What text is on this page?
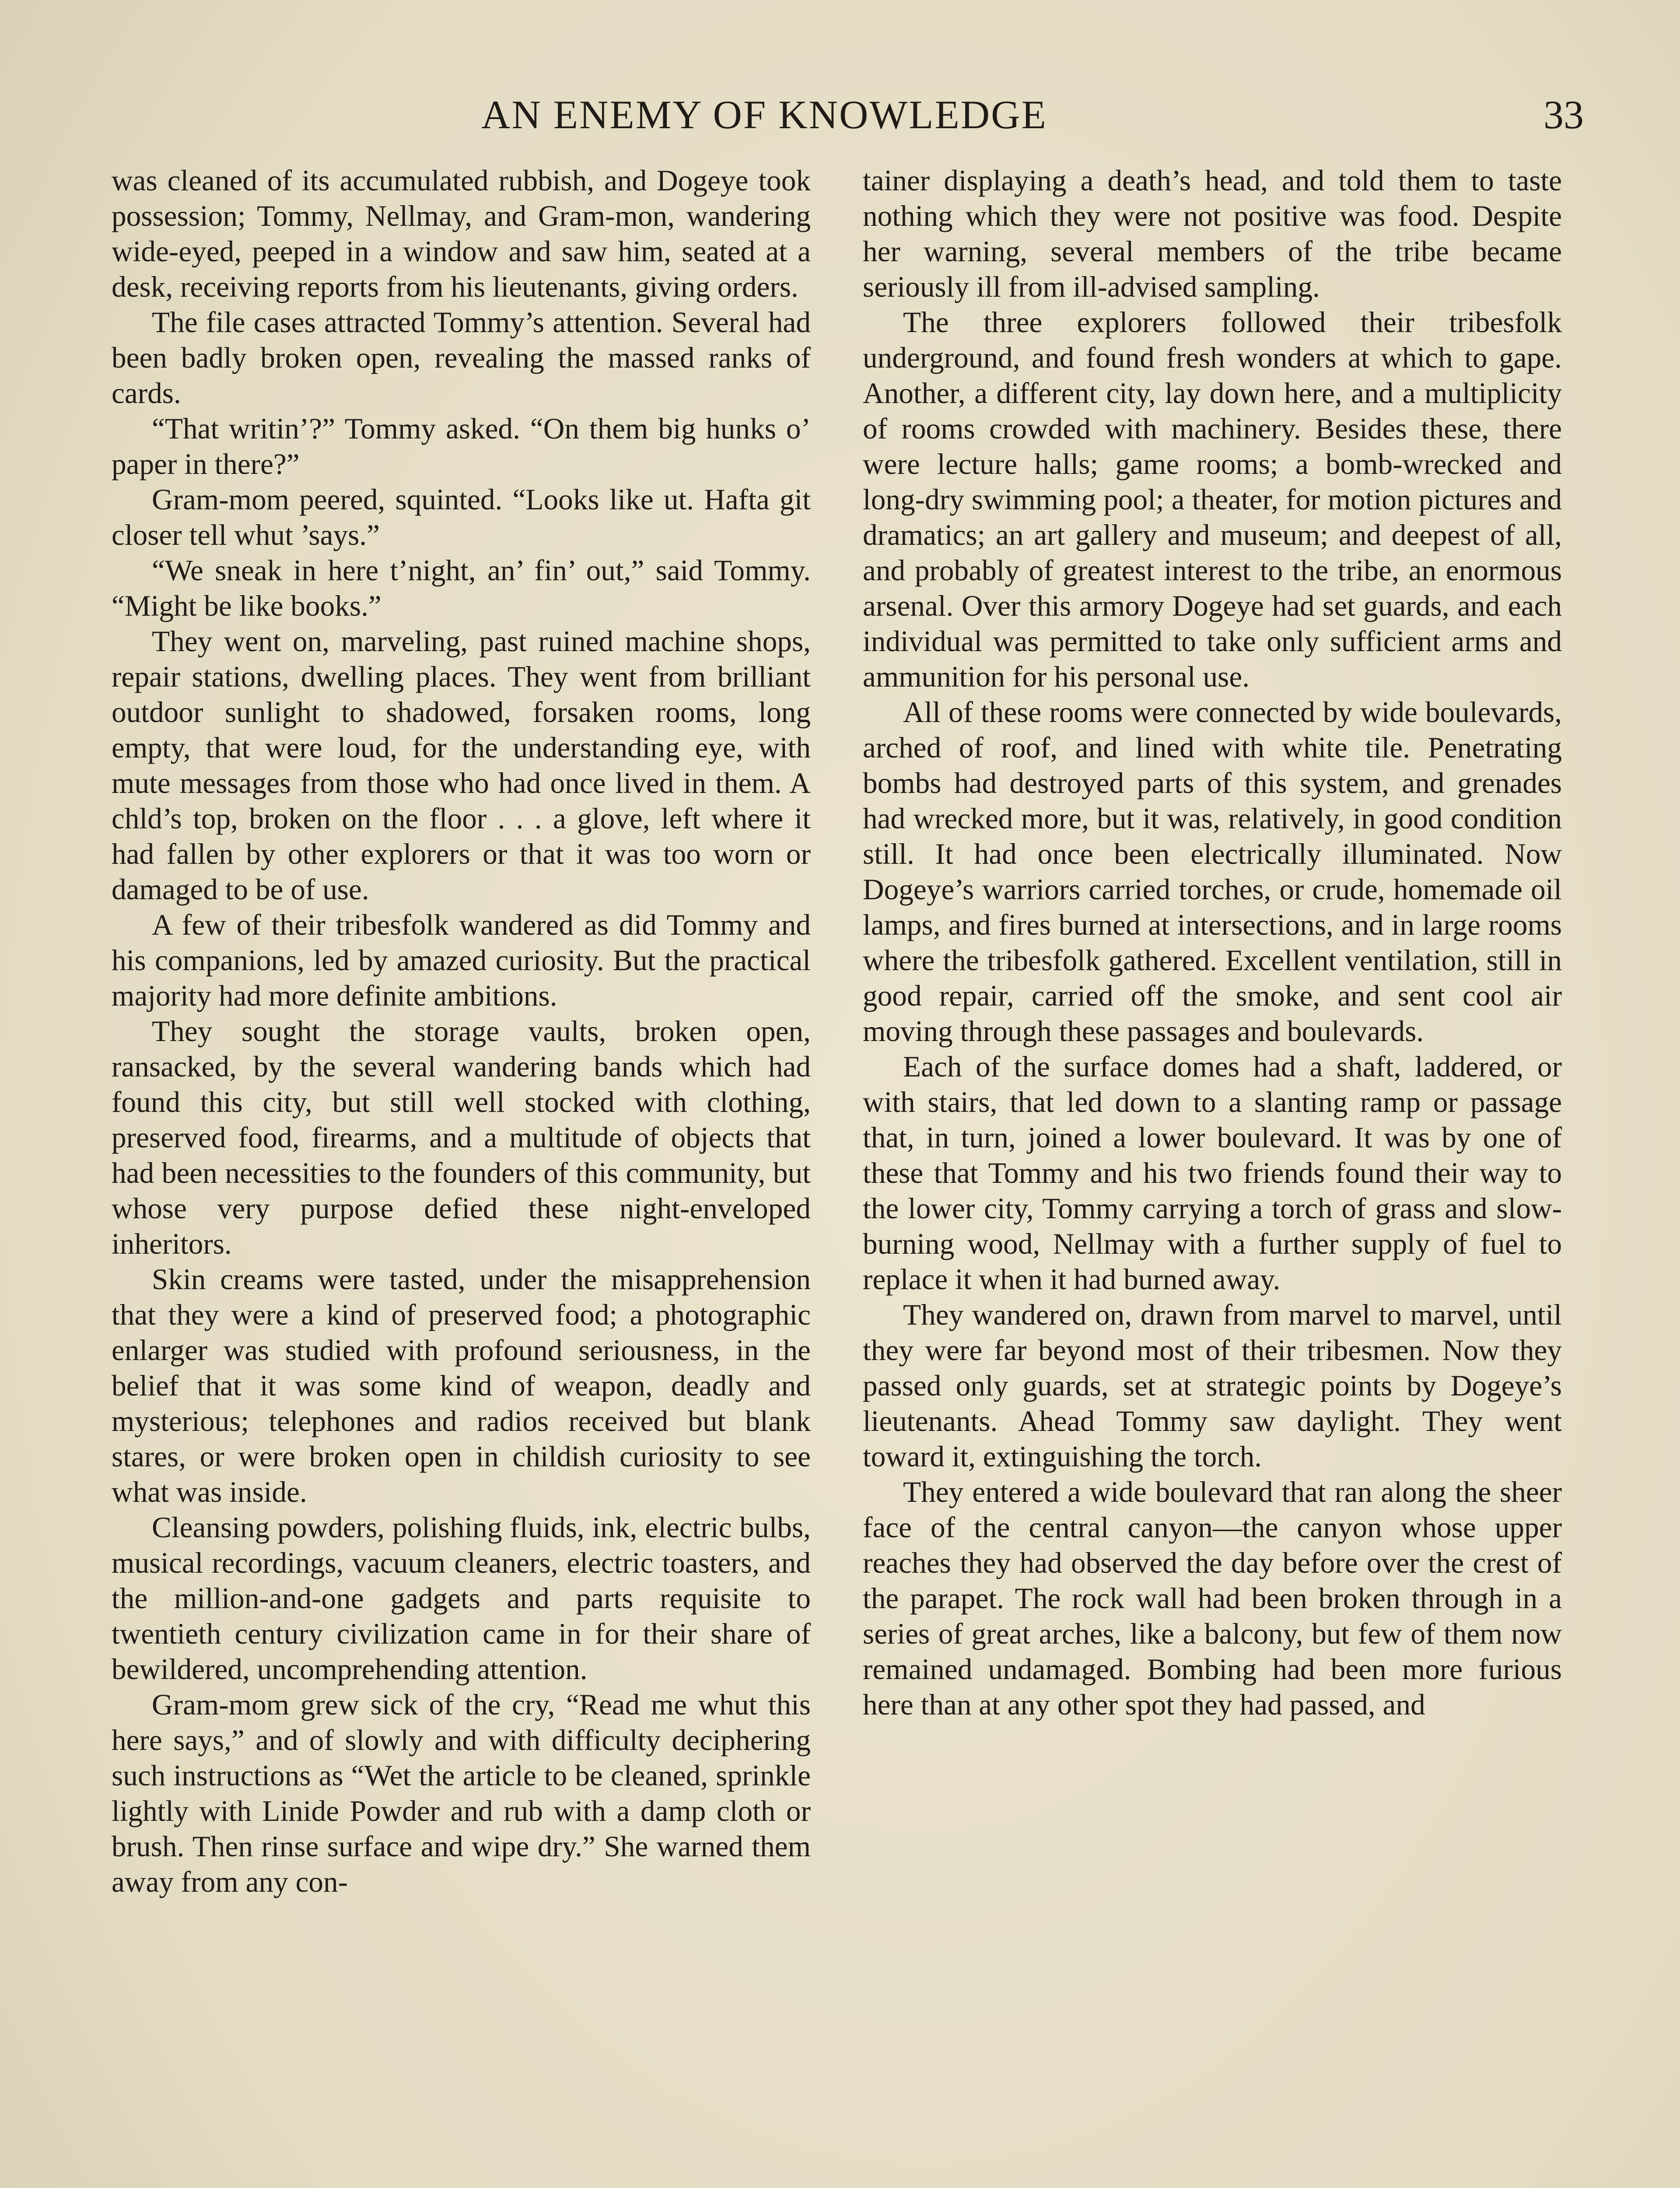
AN ENEMY OF KNOWLEDGE	33

was cleaned of its accumulated rubbish, and Dogeye took possession; Tommy, Nellmay, and Gram-mon, wandering wide-eyed, peeped in a window and saw him, seated at a desk, receiving reports from his lieutenants, giving orders.

The file cases attracted Tommy’s attention. Several had been badly broken open, revealing the massed ranks of cards.

“That writin’?” Tommy asked. “On them big hunks o’ paper in there?”

Gram-mom peered, squinted. “Looks like ut. Hafta git closer tell whut ’says.”

“We sneak in here t’night, an’ fin’ out,” said Tommy. “Might be like books.”

They went on, marveling, past ruined machine shops, repair stations, dwelling places. They went from brilliant outdoor sunlight to shadowed, forsaken rooms, long empty, that were loud, for the understanding eye, with mute messages from those who had once lived in them. A chld’s top, broken on the floor . . . a glove, left where it had fallen by other explorers or that it was too worn or damaged to be of use.

A few of their tribesfolk wandered as did Tommy and his companions, led by amazed curiosity. But the practical majority had more definite ambitions.

They sought the storage vaults, broken open, ransacked, by the several wandering bands which had found this city, but still well stocked with clothing, preserved food, firearms, and a multitude of objects that had been necessities to the founders of this community, but whose very purpose defied these night-enveloped inheritors.

Skin creams were tasted, under the misapprehension that they were a kind of preserved food; a photographic enlarger was studied with profound seriousness, in the belief that it was some kind of weapon, deadly and mysterious; telephones and radios received but blank stares, or were broken open in childish curiosity to see what was inside.

Cleansing powders, polishing fluids, ink, electric bulbs, musical recordings, vacuum cleaners, electric toasters, and the million-and-one gadgets and parts requisite to twentieth century civilization came in for their share of bewildered, uncomprehending attention.

Gram-mom grew sick of the cry, “Read me whut this here says,” and of slowly and with difficulty deciphering such instructions as “Wet the article to be cleaned, sprinkle lightly with Linide Powder and rub with a damp cloth or brush. Then rinse surface and wipe dry.” She warned them away from any con-

tainer displaying a death’s head, and told them to taste nothing which they were not positive was food. Despite her warning, several members of the tribe became seriously ill from ill-advised sampling.

The three explorers followed their tribesfolk underground, and found fresh wonders at which to gape. Another, a different city, lay down here, and a multiplicity of rooms crowded with machinery. Besides these, there were lecture halls; game rooms; a bomb-wrecked and long-dry swimming pool; a theater, for motion pictures and dramatics; an art gallery and museum; and deepest of all, and probably of greatest interest to the tribe, an enormous arsenal. Over this armory Dogeye had set guards, and each individual was permitted to take only sufficient arms and ammunition for his personal use.

All of these rooms were connected by wide boulevards, arched of roof, and lined with white tile. Penetrating bombs had destroyed parts of this system, and grenades had wrecked more, but it was, relatively, in good condition still. It had once been electrically illuminated. Now Dogeye’s warriors carried torches, or crude, homemade oil lamps, and fires burned at intersections, and in large rooms where the tribesfolk gathered. Excellent ventilation, still in good repair, carried off the smoke, and sent cool air moving through these passages and boulevards.

Each of the surface domes had a shaft, laddered, or with stairs, that led down to a slanting ramp or passage that, in turn, joined a lower boulevard. It was by one of these that Tommy and his two friends found their way to the lower city, Tommy carrying a torch of grass and slow-burning wood, Nellmay with a further supply of fuel to replace it when it had burned away.

They wandered on, drawn from marvel to marvel, until they were far beyond most of their tribesmen. Now they passed only guards, set at strategic points by Dogeye’s lieutenants. Ahead Tommy saw daylight. They went toward it, extinguishing the torch.

They entered a wide boulevard that ran along the sheer face of the central canyon—the canyon whose upper reaches they had observed the day before over the crest of the parapet. The rock wall had been broken through in a series of great arches, like a balcony, but few of them now remained undamaged. Bombing had been more furious here than at any other spot they had passed, and
